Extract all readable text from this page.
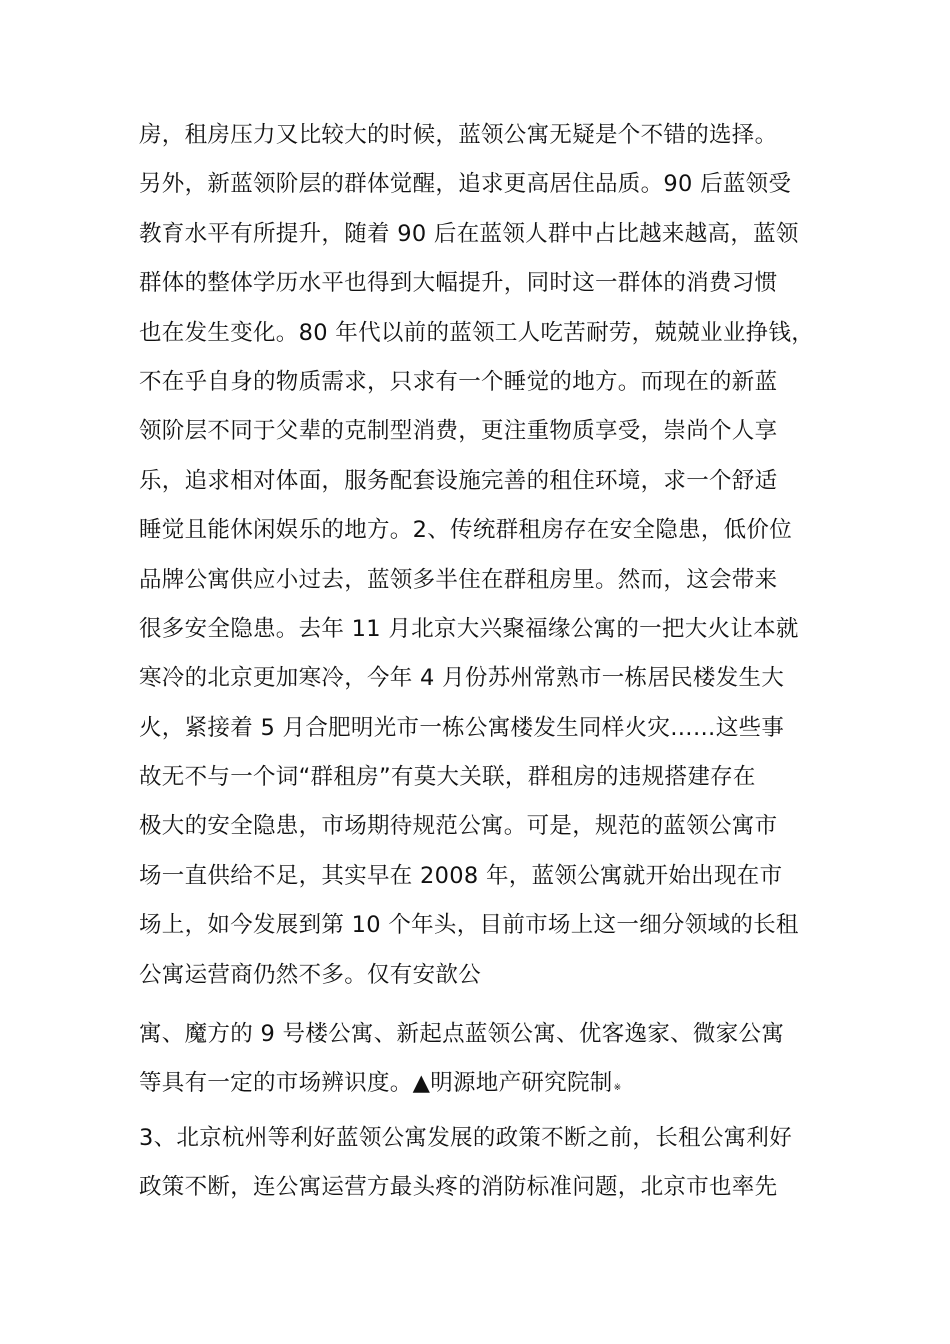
房，租房压力又比较大的时候，蓝领公寓无疑是个不错的选择。
另外，新蓝领阶层的群体觉醒，追求更高居住品质。90 后蓝领受
教育水平有所提升，随着 90 后在蓝领人群中占比越来越高，蓝领
群体的整体学历水平也得到大幅提升，同时这一群体的消费习惯
也在发生变化。80 年代以前的蓝领工人吃苦耐劳，兢兢业业挣钱，
不在乎自身的物质需求，只求有一个睡觉的地方。而现在的新蓝
领阶层不同于父辈的克制型消费，更注重物质享受，崇尚个人享
乐，追求相对体面，服务配套设施完善的租住环境，求一个舒适
睡觉且能休闲娱乐的地方。2、传统群租房存在安全隐患，低价位
品牌公寓供应小过去，蓝领多半住在群租房里。然而，这会带来
很多安全隐患。去年 11 月北京大兴聚福缘公寓的一把大火让本就
寒冷的北京更加寒冷，今年 4 月份苏州常熟市一栋居民楼发生大
火，紧接着 5 月合肥明光市一栋公寓楼发生同样火灾……这些事
故无不与一个词“群租房”有莫大关联，群租房的违规搭建存在
极大的安全隐患，市场期待规范公寓。可是，规范的蓝领公寓市
场一直供给不足，其实早在 2008 年，蓝领公寓就开始出现在市
场上，如今发展到第 10 个年头，目前市场上这一细分领域的长租
公寓运营商仍然不多。仅有安歆公
寓、魔方的 9 号楼公寓、新起点蓝领公寓、优客逸家、微家公寓
等具有一定的市场辨识度。▲明源地产研究院制※
3、北京杭州等利好蓝领公寓发展的政策不断之前，长租公寓利好
政策不断，连公寓运营方最头疼的消防标准问题，北京市也率先
